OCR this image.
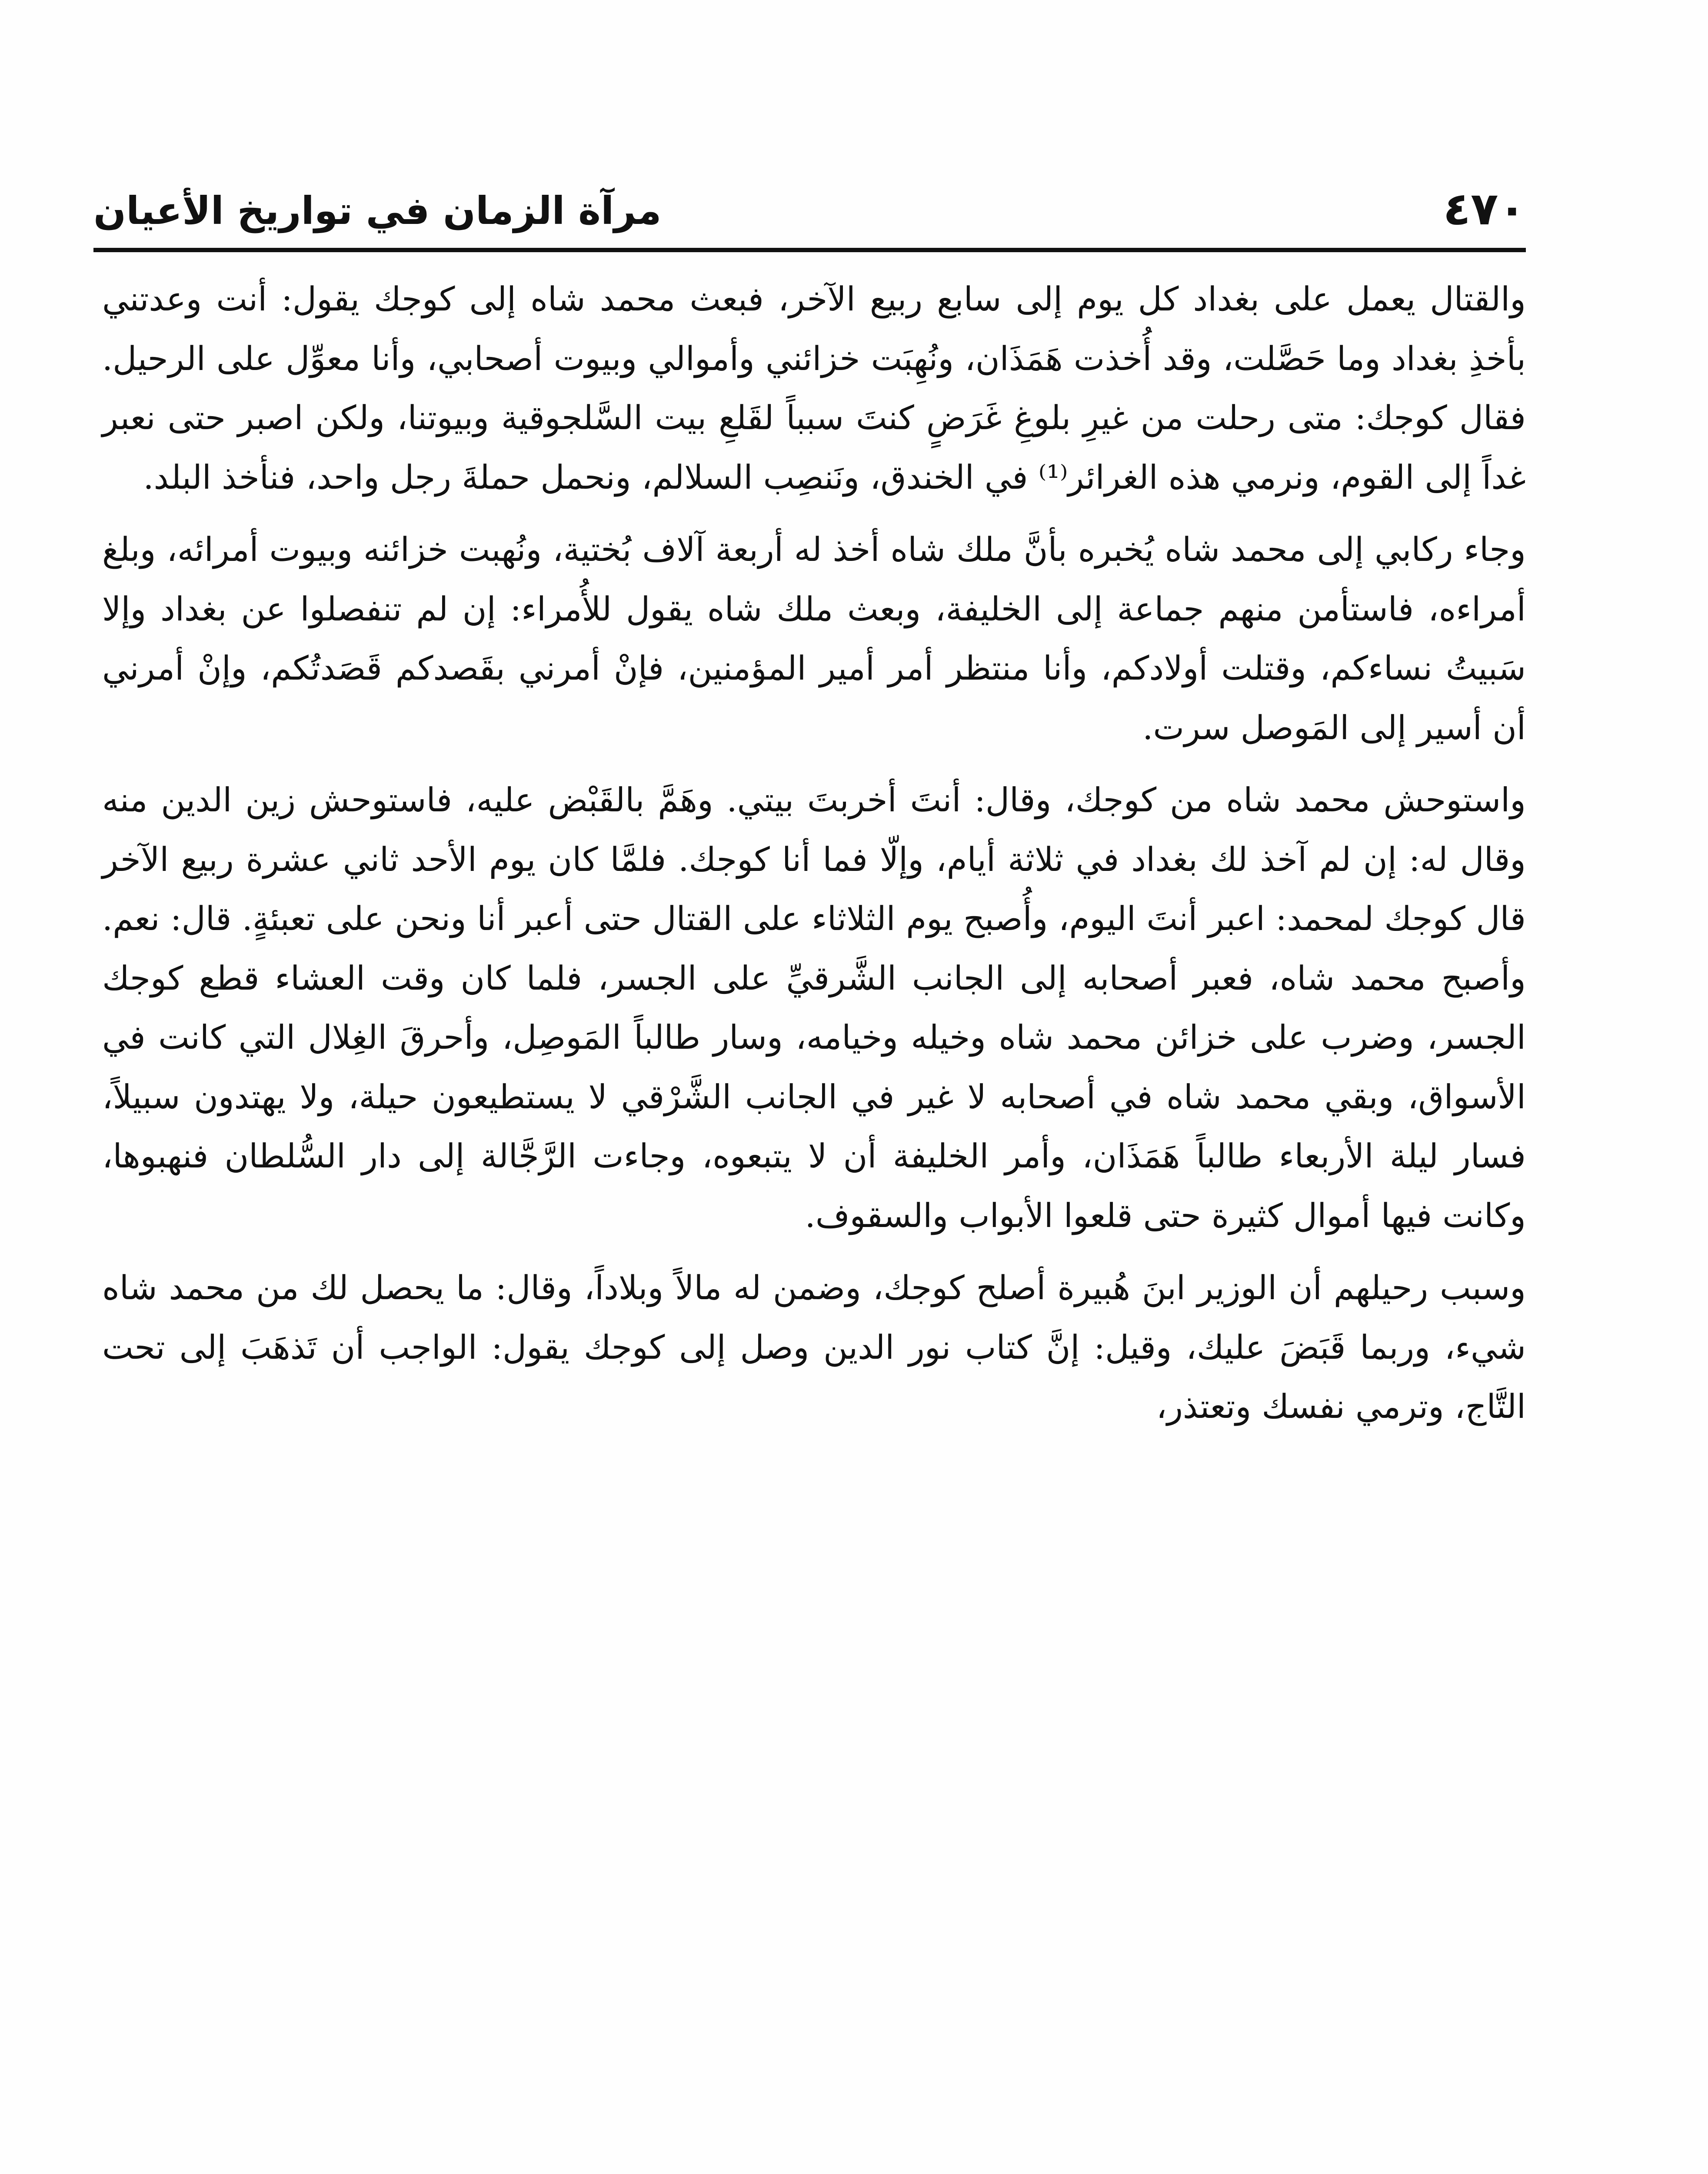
٤٧٠
مرآة الزمان في تواريخ الأعيان

والقتال يعمل على بغداد كل يوم إلى سابع ربيع الآخر، فبعث محمد شاه إلى كوجك يقول: أنت وعدتني بأخذِ بغداد وما حَصَّلت، وقد أُخذت هَمَذَان، ونُهِبَت خزائني وأموالي وبيوت أصحابي، وأنا معوِّل على الرحيل. فقال كوجك: متى رحلت من غيرِ بلوغِ غَرَضٍ كنتَ سبباً لقَلعِ بيت السَّلجوقية وبيوتنا، ولكن اصبر حتى نعبر غداً إلى القوم، ونرمي هذه الغرائر⁽¹⁾ في الخندق، ونَنصِب السلالم، ونحمل حملةَ رجل واحد، فنأخذ البلد.

وجاء ركابي إلى محمد شاه يُخبره بأنَّ ملك شاه أخذ له أربعة آلاف بُختية، ونُهبت خزائنه وبيوت أمرائه، وبلغ أمراءه، فاستأمن منهم جماعة إلى الخليفة، وبعث ملك شاه يقول للأُمراء: إن لم تنفصلوا عن بغداد وإلا سَبيتُ نساءكم، وقتلت أولادكم، وأنا منتظر أمر أمير المؤمنين، فإنْ أمرني بقَصدكم قَصَدتُكم، وإنْ أمرني أن أسير إلى المَوصل سرت.

واستوحش محمد شاه من كوجك، وقال: أنتَ أخربتَ بيتي. وهَمَّ بالقَبْض عليه، فاستوحش زين الدين منه وقال له: إن لم آخذ لك بغداد في ثلاثة أيام، وإلّا فما أنا كوجك. فلمَّا كان يوم الأحد ثاني عشرة ربيع الآخر قال كوجك لمحمد: اعبر أنتَ اليوم، وأُصبح يوم الثلاثاء على القتال حتى أعبر أنا ونحن على تعبئةٍ. قال: نعم. وأصبح محمد شاه، فعبر أصحابه إلى الجانب الشَّرقيِّ على الجسر، فلما كان وقت العشاء قطع كوجك الجسر، وضرب على خزائن محمد شاه وخيله وخيامه، وسار طالباً المَوصِل، وأحرقَ الغِلال التي كانت في الأسواق، وبقي محمد شاه في أصحابه لا غير في الجانب الشَّرْقي لا يستطيعون حيلة، ولا يهتدون سبيلاً، فسار ليلة الأربعاء طالباً هَمَذَان، وأمر الخليفة أن لا يتبعوه، وجاءت الرَّجَّالة إلى دار السُّلطان فنهبوها، وكانت فيها أموال كثيرة حتى قلعوا الأبواب والسقوف.

وسبب رحيلهم أن الوزير ابنَ هُبيرة أصلح كوجك، وضمن له مالاً وبلاداً، وقال: ما يحصل لك من محمد شاه شيء، وربما قَبَضَ عليك، وقيل: إنَّ كتاب نور الدين وصل إلى كوجك يقول: الواجب أن تَذهَبَ إلى تحت التَّاج، وترمي نفسك وتعتذر،
